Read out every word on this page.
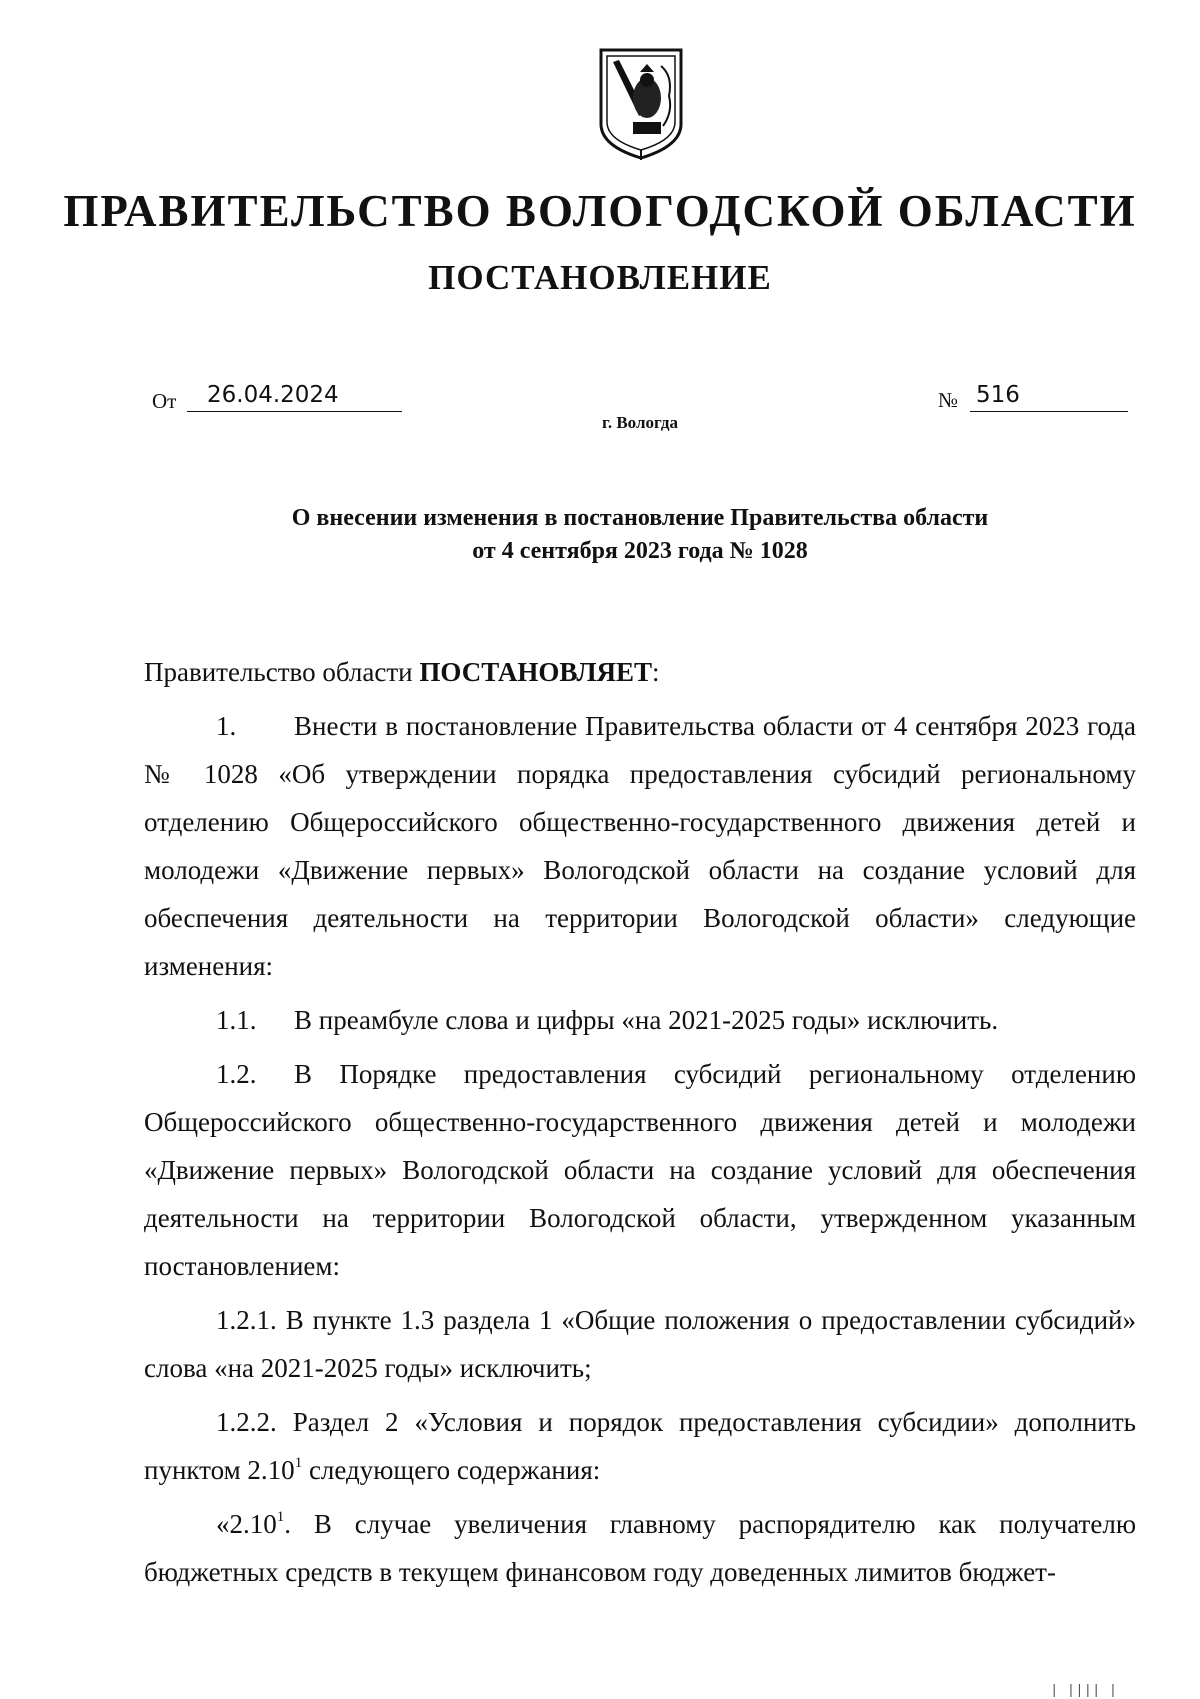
ПРАВИТЕЛЬСТВО ВОЛОГОДСКОЙ ОБЛАСТИ
ПОСТАНОВЛЕНИЕ
От	26.04.2024	№ 516
г. Вологда
О внесении изменения в постановление Правительства области
от 4 сентября 2023 года № 1028

Правительство области ПОСТАНОВЛЯЕТ:

1. Внести в постановление Правительства области от 4 сентября 2023 года № 1028 «Об утверждении порядка предоставления субсидий региональному отделению Общероссийского общественно-государственного движения детей и молодежи «Движение первых» Вологодской области на создание условий для обеспечения деятельности на территории Вологодской области» следующие изменения:

1.1. В преамбуле слова и цифры «на 2021-2025 годы» исключить.

1.2. В Порядке предоставления субсидий региональному отделению Общероссийского общественно-государственного движения детей и молодежи «Движение первых» Вологодской области на создание условий для обеспечения деятельности на территории Вологодской области, утвержденном указанным постановлением:

1.2.1. В пункте 1.3 раздела 1 «Общие положения о предоставлении субсидий» слова «на 2021-2025 годы» исключить;

1.2.2. Раздел 2 «Условия и порядок предоставления субсидии» дополнить пунктом 2.10$^1$ следующего содержания:

«2.10$^1$. В случае увеличения главному распорядителю как получателю бюджетных средств в текущем финансовом году доведенных лимитов бюджет-

| |||| |
